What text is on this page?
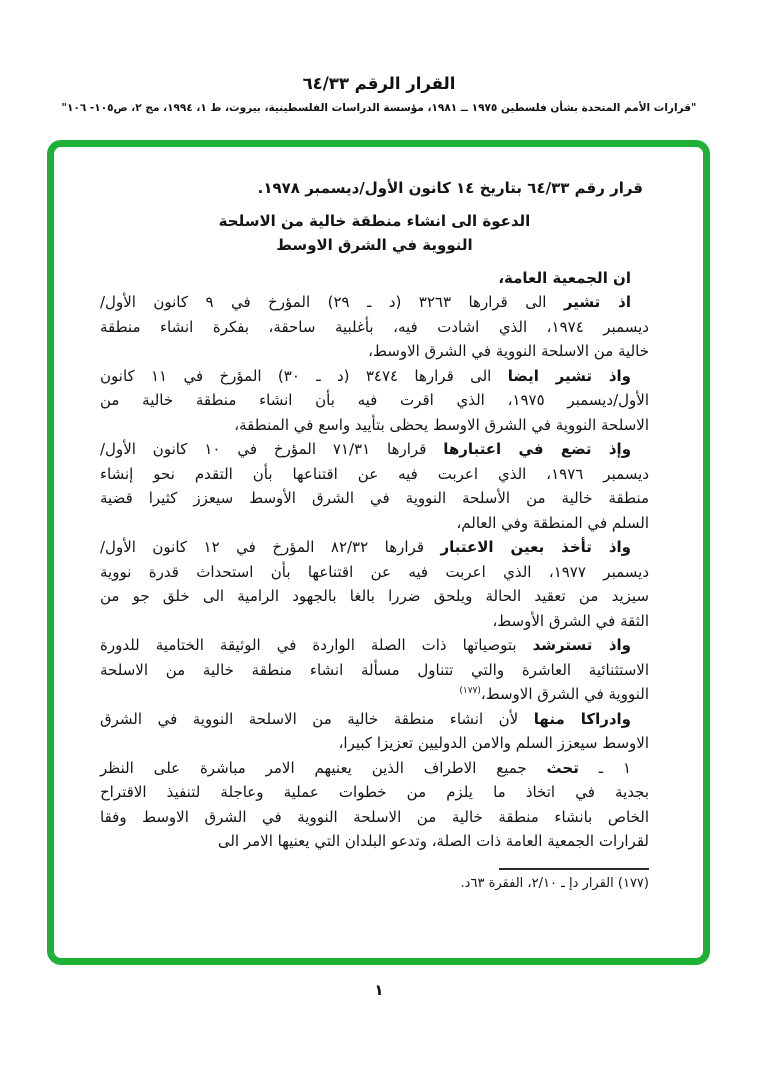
القرار الرقم ٦٤/٣٣
"قرارات الأمم المتحدة بشأن فلسطين ١٩٧٥ ــ ١٩٨١، مؤسسة الدراسات الفلسطينية، بيروت، ط ١، ١٩٩٤، مج ٢، ص١٠٥- ١٠٦"

قرار رقم ٦٤/٣٣ بتاريخ ١٤ كانون الأول/ديسمبر ١٩٧٨.

الدعوة الى انشاء منطقة خالية من الاسلحة

النووية في الشرق الاوسط

ان الجمعية العامة،

اذ تشير الى قرارها ٣٢٦٣ (د ـ ٢٩) المؤرخ في ٩ كانون الأول/
ديسمبر ١٩٧٤، الذي اشادت فيه، بأغلبية ساحقة، بفكرة انشاء منطقة
خالية من الاسلحة النووية في الشرق الاوسط،

واذ تشير ايضا الى قرارها ٣٤٧٤ (د ـ ٣٠) المؤرخ في ١١ كانون
الأول/ديسمبر ١٩٧٥، الذي اقرت فيه بأن انشاء منطقة خالية من
الاسلحة النووية في الشرق الاوسط يحظى بتأييد واسع في المنطقة،

وإذ تضع في اعتبارها قرارها ٧١/٣١ المؤرخ في ١٠ كانون الأول/
ديسمبر ١٩٧٦، الذي اعربت فيه عن اقتناعها بأن التقدم نحو إنشاء
منطقة خالية من الأسلحة النووية في الشرق الأوسط سيعزز كثيرا قضية
السلم في المنطقة وفي العالم،

واذ تأخذ بعين الاعتبار قرارها ٨٢/٣٢ المؤرخ في ١٢ كانون الأول/
ديسمبر ١٩٧٧، الذي اعربت فيه عن اقتناعها بأن استحداث قدرة نووية
سيزيد من تعقيد الحالة ويلحق ضررا بالغا بالجهود الرامية الى خلق جو من
الثقة في الشرق الأوسط،

واذ تسترشد بتوصياتها ذات الصلة الواردة في الوثيقة الختامية للدورة
الاستثنائية العاشرة والتي تتناول مسألة انشاء منطقة خالية من الاسلحة
النووية في الشرق الاوسط،$^{(١٧٧)}$

وادراكا منها لأن انشاء منطقة خالية من الاسلحة النووية في الشرق
الاوسط سيعزز السلم والامن الدوليين تعزيزا كبيرا،

١ ـ تحث جميع الاطراف الذين يعنيهم الامر مباشرة على النظر
بجدية في اتخاذ ما يلزم من خطوات عملية وعاجلة لتنفيذ الاقتراح
الخاص بانشاء منطقة خالية من الاسلحة النووية في الشرق الاوسط وفقا
لقرارات الجمعية العامة ذات الصلة، وتدعو البلدان التي يعنيها الامر الى

(١٧٧) القرار دإ ـ ٢/١٠، الفقرة ٦٣د.
١
